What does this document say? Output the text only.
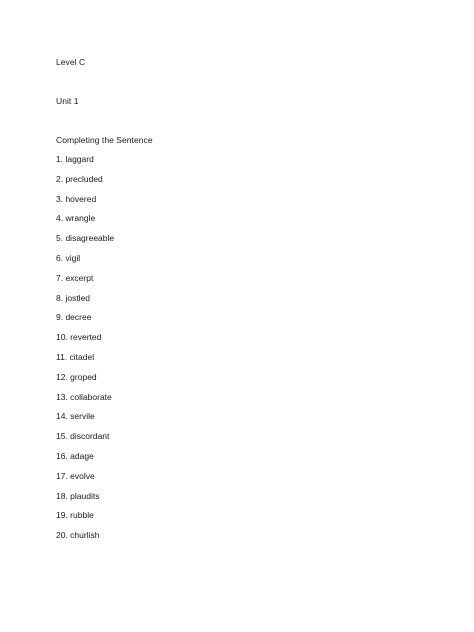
Level C
Unit 1
Completing the Sentence
1. laggard
2. precluded
3. hovered
4. wrangle
5. disagreeable
6. vigil
7. excerpt
8. jostled
9. decree
10. reverted
11. citadel
12. groped
13. collaborate
14. servile
15. discordant
16. adage
17. evolve
18. plaudits
19. rubble
20. churlish
